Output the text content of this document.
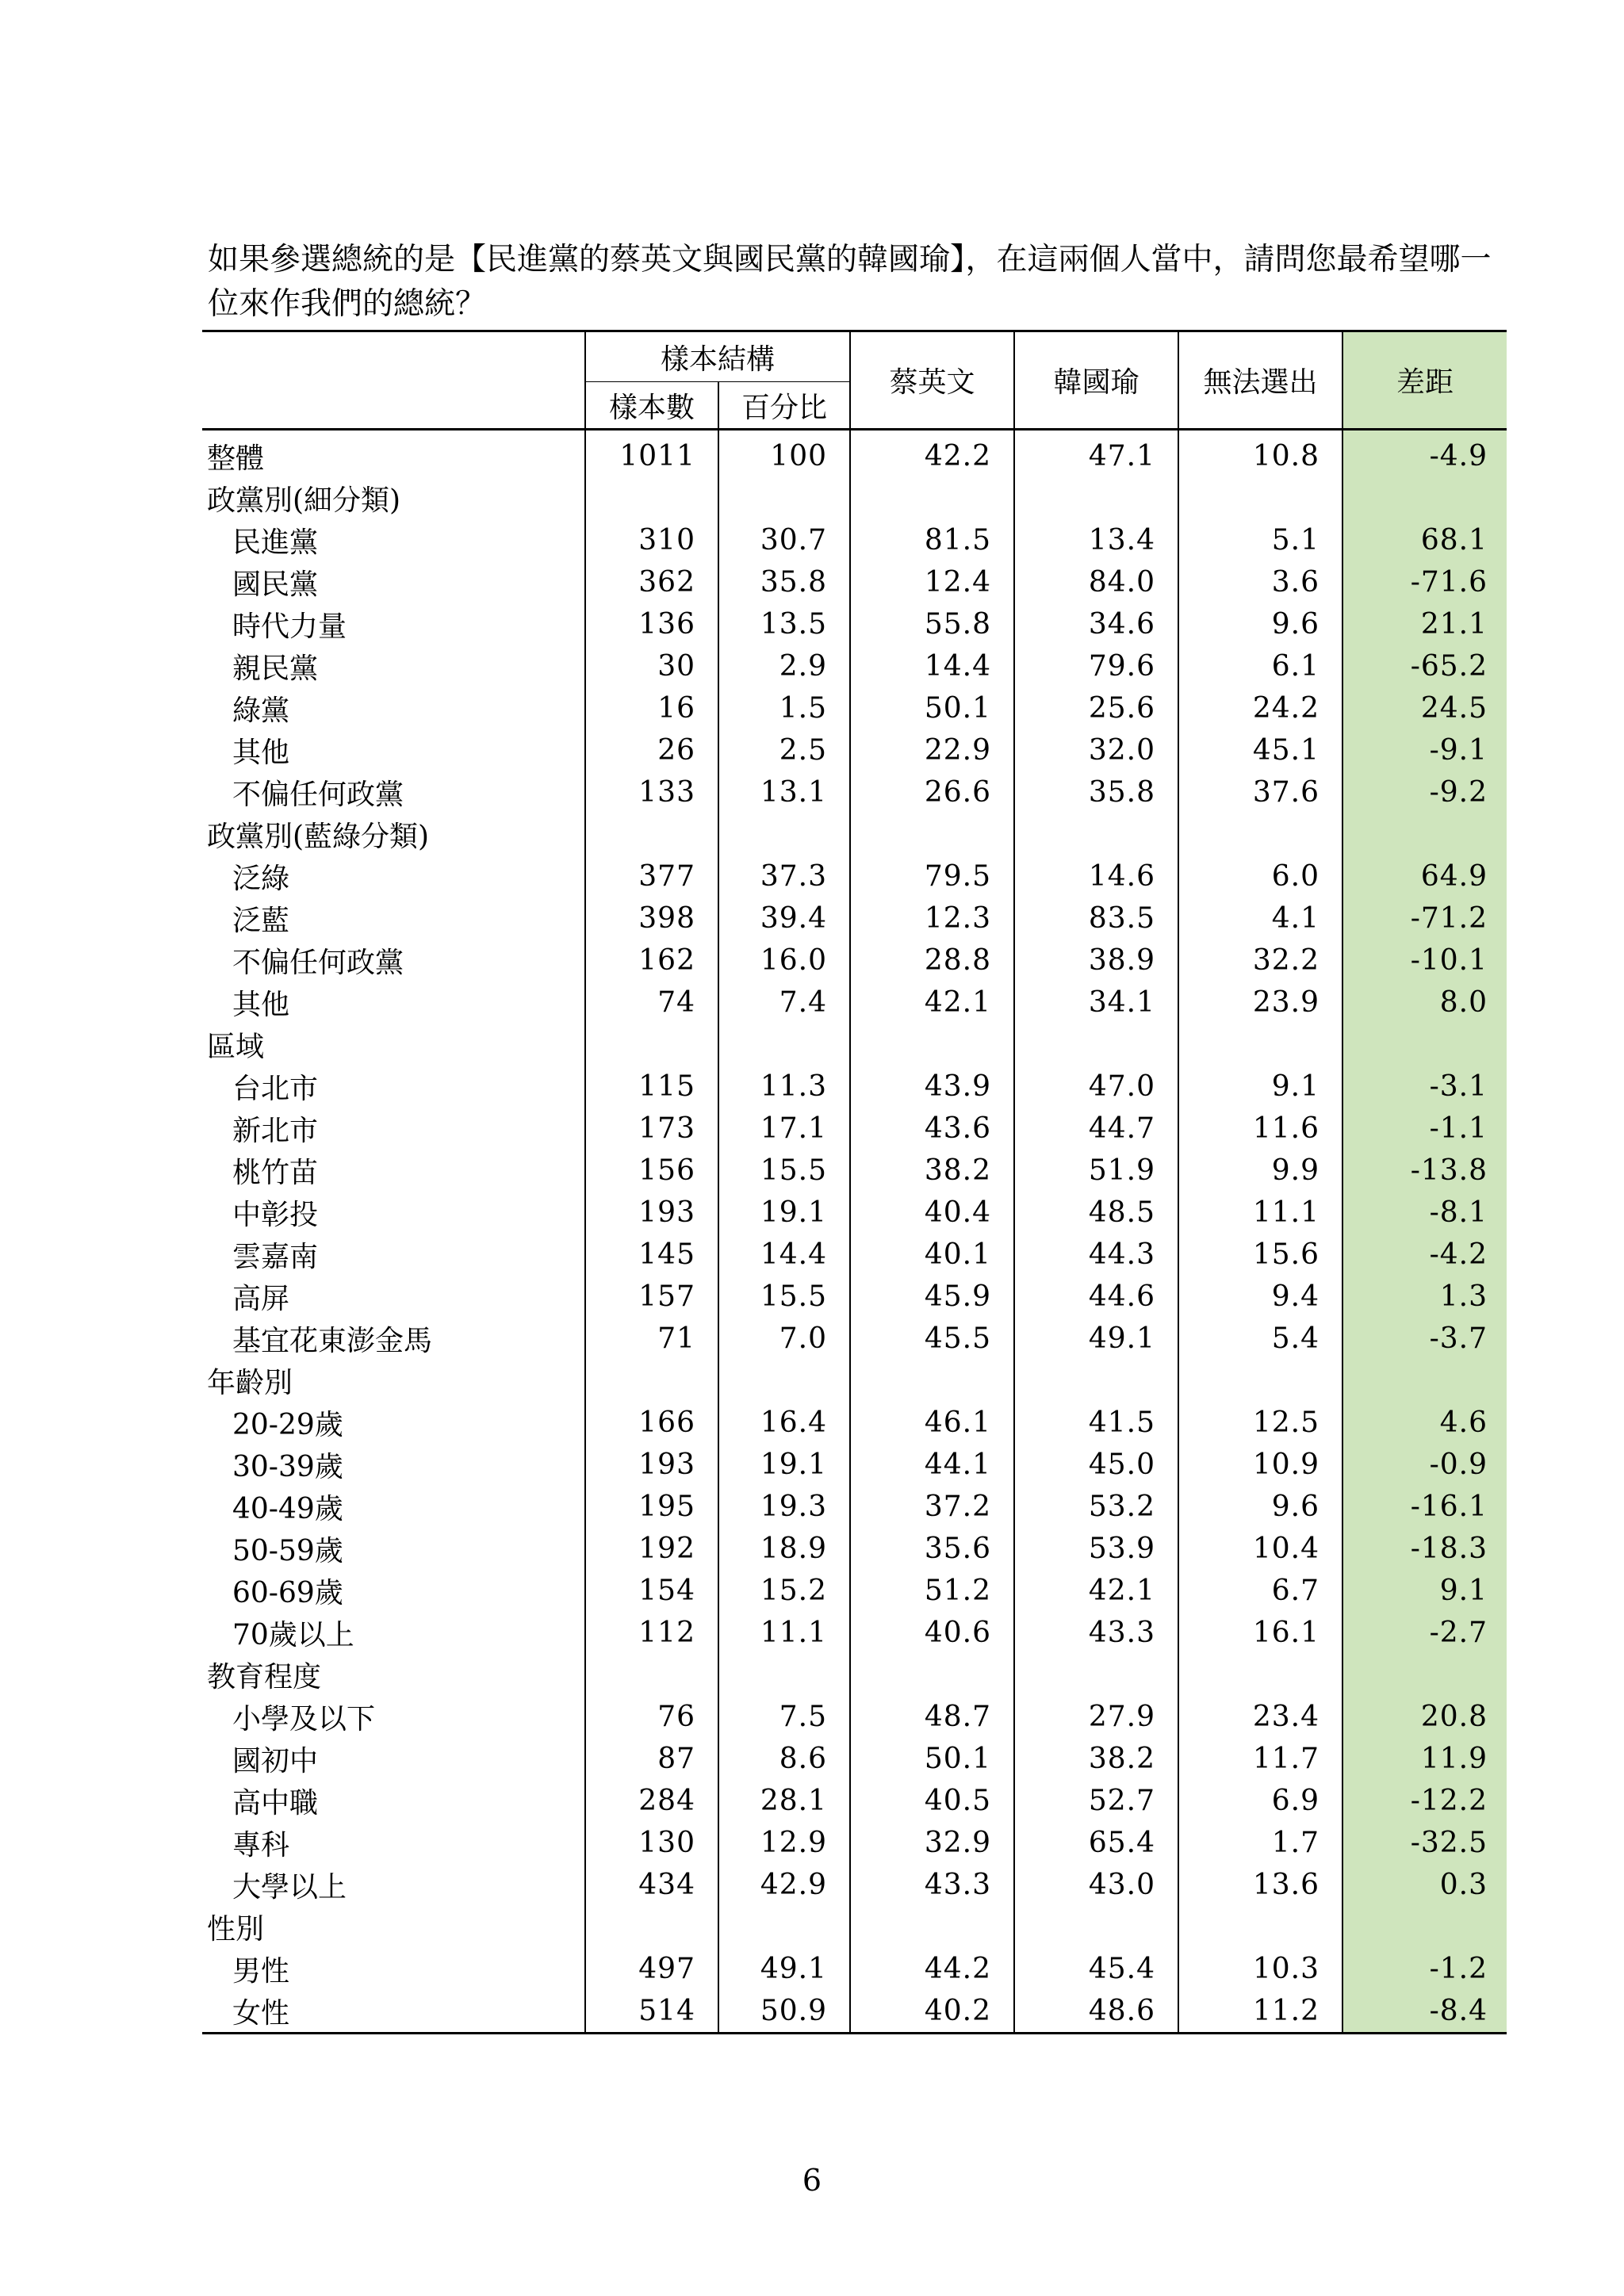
如果參選總統的是【民進黨的蔡英文與國民黨的韓國瑜】，在這兩個人當中，請問您最希望哪一位來作我們的總統？
	樣本結構		蔡英文	韓國瑜	無法選出	差距
	樣本數	百分比				
整體	1011	100	42.2	47.1	10.8	-4.9
政黨別(細分類)						
民進黨	310	30.7	81.5	13.4	5.1	68.1
國民黨	362	35.8	12.4	84.0	3.6	-71.6
時代力量	136	13.5	55.8	34.6	9.6	21.1
親民黨	30	2.9	14.4	79.6	6.1	-65.2
綠黨	16	1.5	50.1	25.6	24.2	24.5
其他	26	2.5	22.9	32.0	45.1	-9.1
不偏任何政黨	133	13.1	26.6	35.8	37.6	-9.2
政黨別(藍綠分類)						
泛綠	377	37.3	79.5	14.6	6.0	64.9
泛藍	398	39.4	12.3	83.5	4.1	-71.2
不偏任何政黨	162	16.0	28.8	38.9	32.2	-10.1
其他	74	7.4	42.1	34.1	23.9	8.0
區域						
台北市	115	11.3	43.9	47.0	9.1	-3.1
新北市	173	17.1	43.6	44.7	11.6	-1.1
桃竹苗	156	15.5	38.2	51.9	9.9	-13.8
中彰投	193	19.1	40.4	48.5	11.1	-8.1
雲嘉南	145	14.4	40.1	44.3	15.6	-4.2
高屏	157	15.5	45.9	44.6	9.4	1.3
基宜花東澎金馬	71	7.0	45.5	49.1	5.4	-3.7
年齡別						
20-29歲	166	16.4	46.1	41.5	12.5	4.6
30-39歲	193	19.1	44.1	45.0	10.9	-0.9
40-49歲	195	19.3	37.2	53.2	9.6	-16.1
50-59歲	192	18.9	35.6	53.9	10.4	-18.3
60-69歲	154	15.2	51.2	42.1	6.7	9.1
70歲以上	112	11.1	40.6	43.3	16.1	-2.7
教育程度						
小學及以下	76	7.5	48.7	27.9	23.4	20.8
國初中	87	8.6	50.1	38.2	11.7	11.9
高中職	284	28.1	40.5	52.7	6.9	-12.2
專科	130	12.9	32.9	65.4	1.7	-32.5
大學以上	434	42.9	43.3	43.0	13.6	0.3
性別						
男性	497	49.1	44.2	45.4	10.3	-1.2
女性	514	50.9	40.2	48.6	11.2	-8.4
6
